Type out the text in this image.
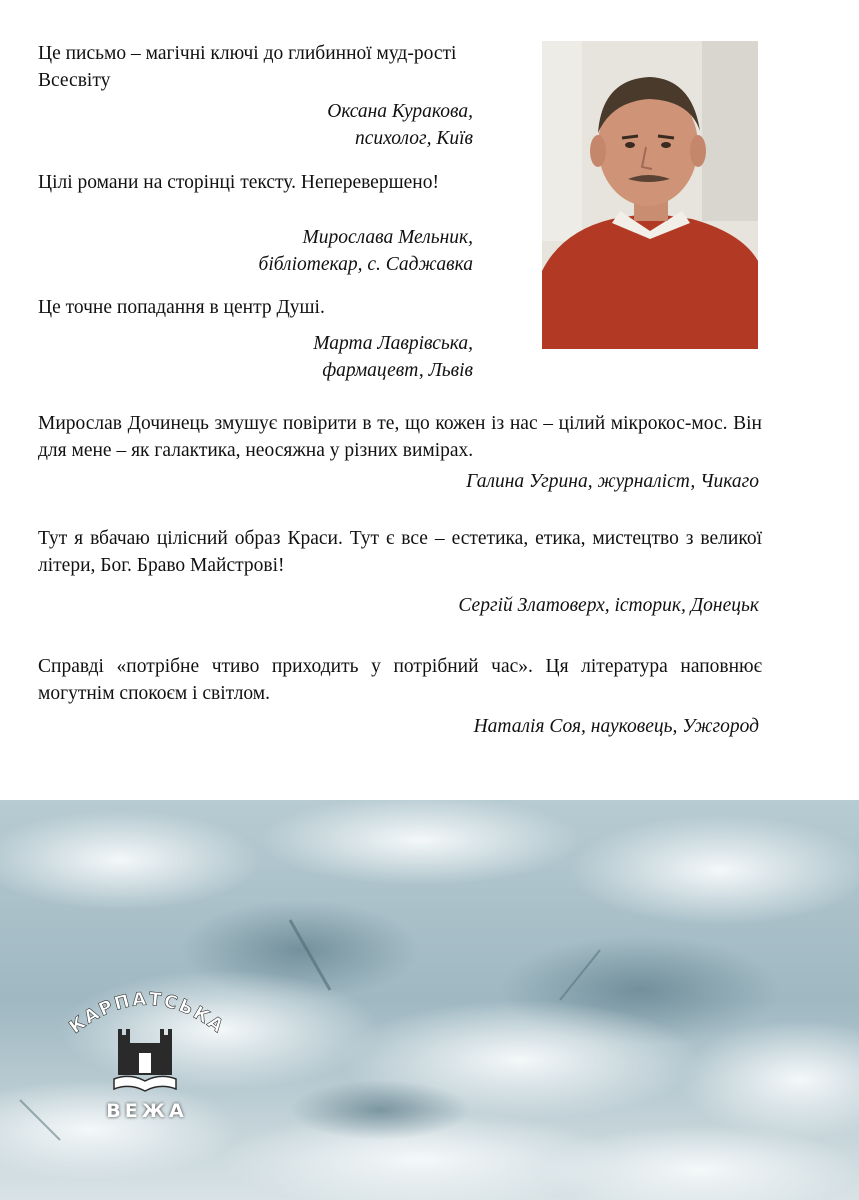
Це письмо – магічні ключі до глибинної муд-рості Всесвіту

Оксана Куракова,
психолог, Київ

Цілі романи на сторінці тексту. Неперевершено!

Мирослава Мельник,
бібліотекар, с. Саджавка

Це точне попадання в центр Душі.

Марта Лаврівська,
фармацевт, Львів

Мирослав Дочинець змушує повірити в те, що кожен із нас – цілий мікрокос-мос. Він для мене – як галактика, неосяжна у різних вимірах.

Галина Угрина, журналіст, Чикаго

Тут я вбачаю цілісний образ Краси. Тут є все – естетика, етика, мистецтво з великої літери, Бог. Браво Майстрові!

Сергій Златоверх, історик, Донецьк

Справді «потрібне чтиво приходить у потрібний час». Ця література наповнює могутнім спокоєм і світлом.

Наталія Соя, науковець, Ужгород
КАРПАТСЬКА
ВЕЖА
